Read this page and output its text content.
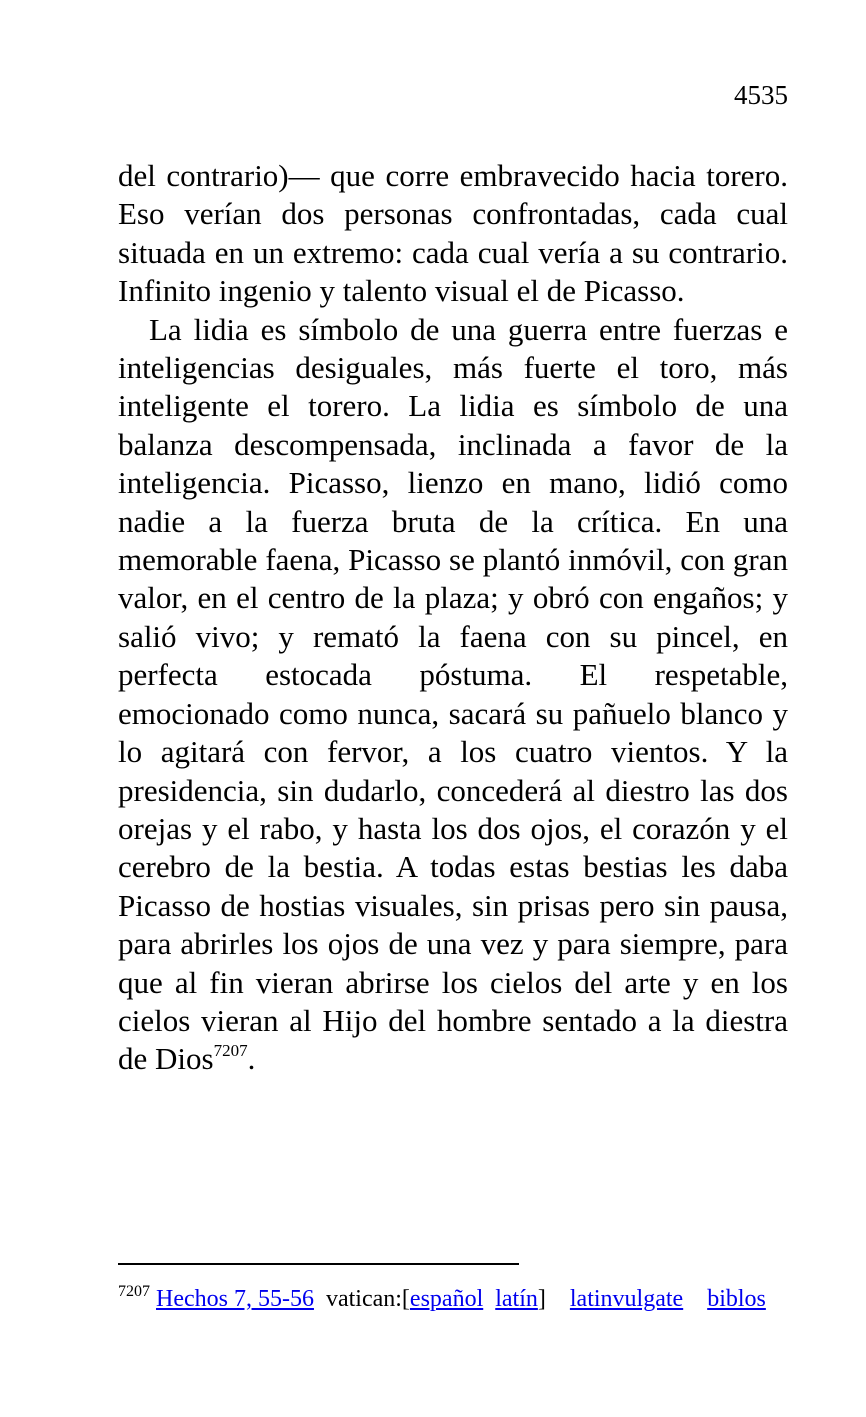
4535

del contrario)— que corre embravecido hacia torero. Eso verían dos personas confrontadas, cada cual situada en un extremo: cada cual vería a su contrario. Infinito ingenio y talento visual el de Picasso.

La lidia es símbolo de una guerra entre fuerzas e inteligencias desiguales, más fuerte el toro, más inteligente el torero. La lidia es símbolo de una balanza descompensada, inclinada a favor de la inteligencia. Picasso, lienzo en mano, lidió como nadie a la fuerza bruta de la crítica. En una memorable faena, Picasso se plantó inmóvil, con gran valor, en el centro de la plaza; y obró con engaños; y salió vivo; y remató la faena con su pincel, en perfecta estocada póstuma. El respetable, emocionado como nunca, sacará su pañuelo blanco y lo agitará con fervor, a los cuatro vientos. Y la presidencia, sin dudarlo, concederá al diestro las dos orejas y el rabo, y hasta los dos ojos, el corazón y el cerebro de la bestia. A todas estas bestias les daba Picasso de hostias visuales, sin prisas pero sin pausa, para abrirles los ojos de una vez y para siempre, para que al fin vieran abrirse los cielos del arte y en los cielos vieran al Hijo del hombre sentado a la diestra de Dios$^{7207}$.

$^{7207}$ Hechos 7, 55-56 vatican:[español latín] latinvulgate biblos
